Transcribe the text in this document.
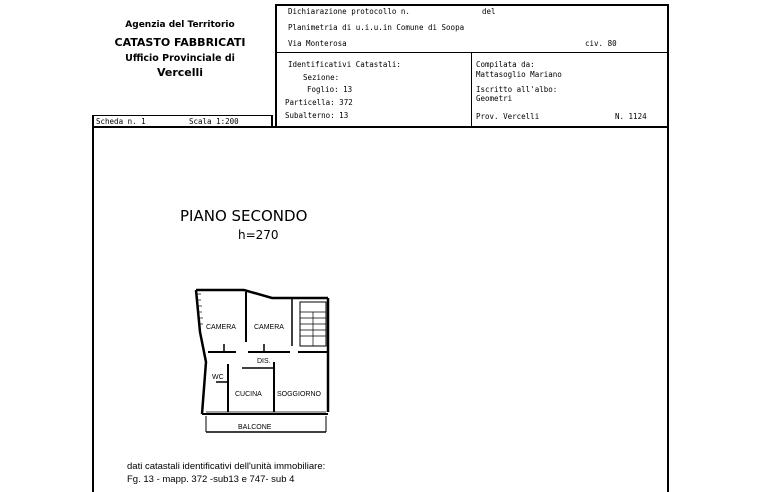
Agenzia del Territorio
CATASTO FABBRICATI
Ufficio Provinciale di
Vercelli
Dichiarazione protocollo n.	del
Planimetria di u.i.u.in Comune di Soopa
Via Monterosa	civ. 80
Identificativi Catastali:
Sezione:
Foglio: 13
Particella: 372
Subalterno: 13
Compilata da:
Mattasoglio Mariano
Iscritto all'albo:
Geometri
Prov. Vercelli	N. 1124
Scheda n. 1	Scala 1:200
PIANO SECONDO
h=270
CAMERA	CAMERA
DIS.
WC
CUCINA SOGGIORNO
BALCONE
dati catastali identificativi dell'unità immobiliare:
Fg. 13 - mapp. 372 -sub13 e 747- sub 4
